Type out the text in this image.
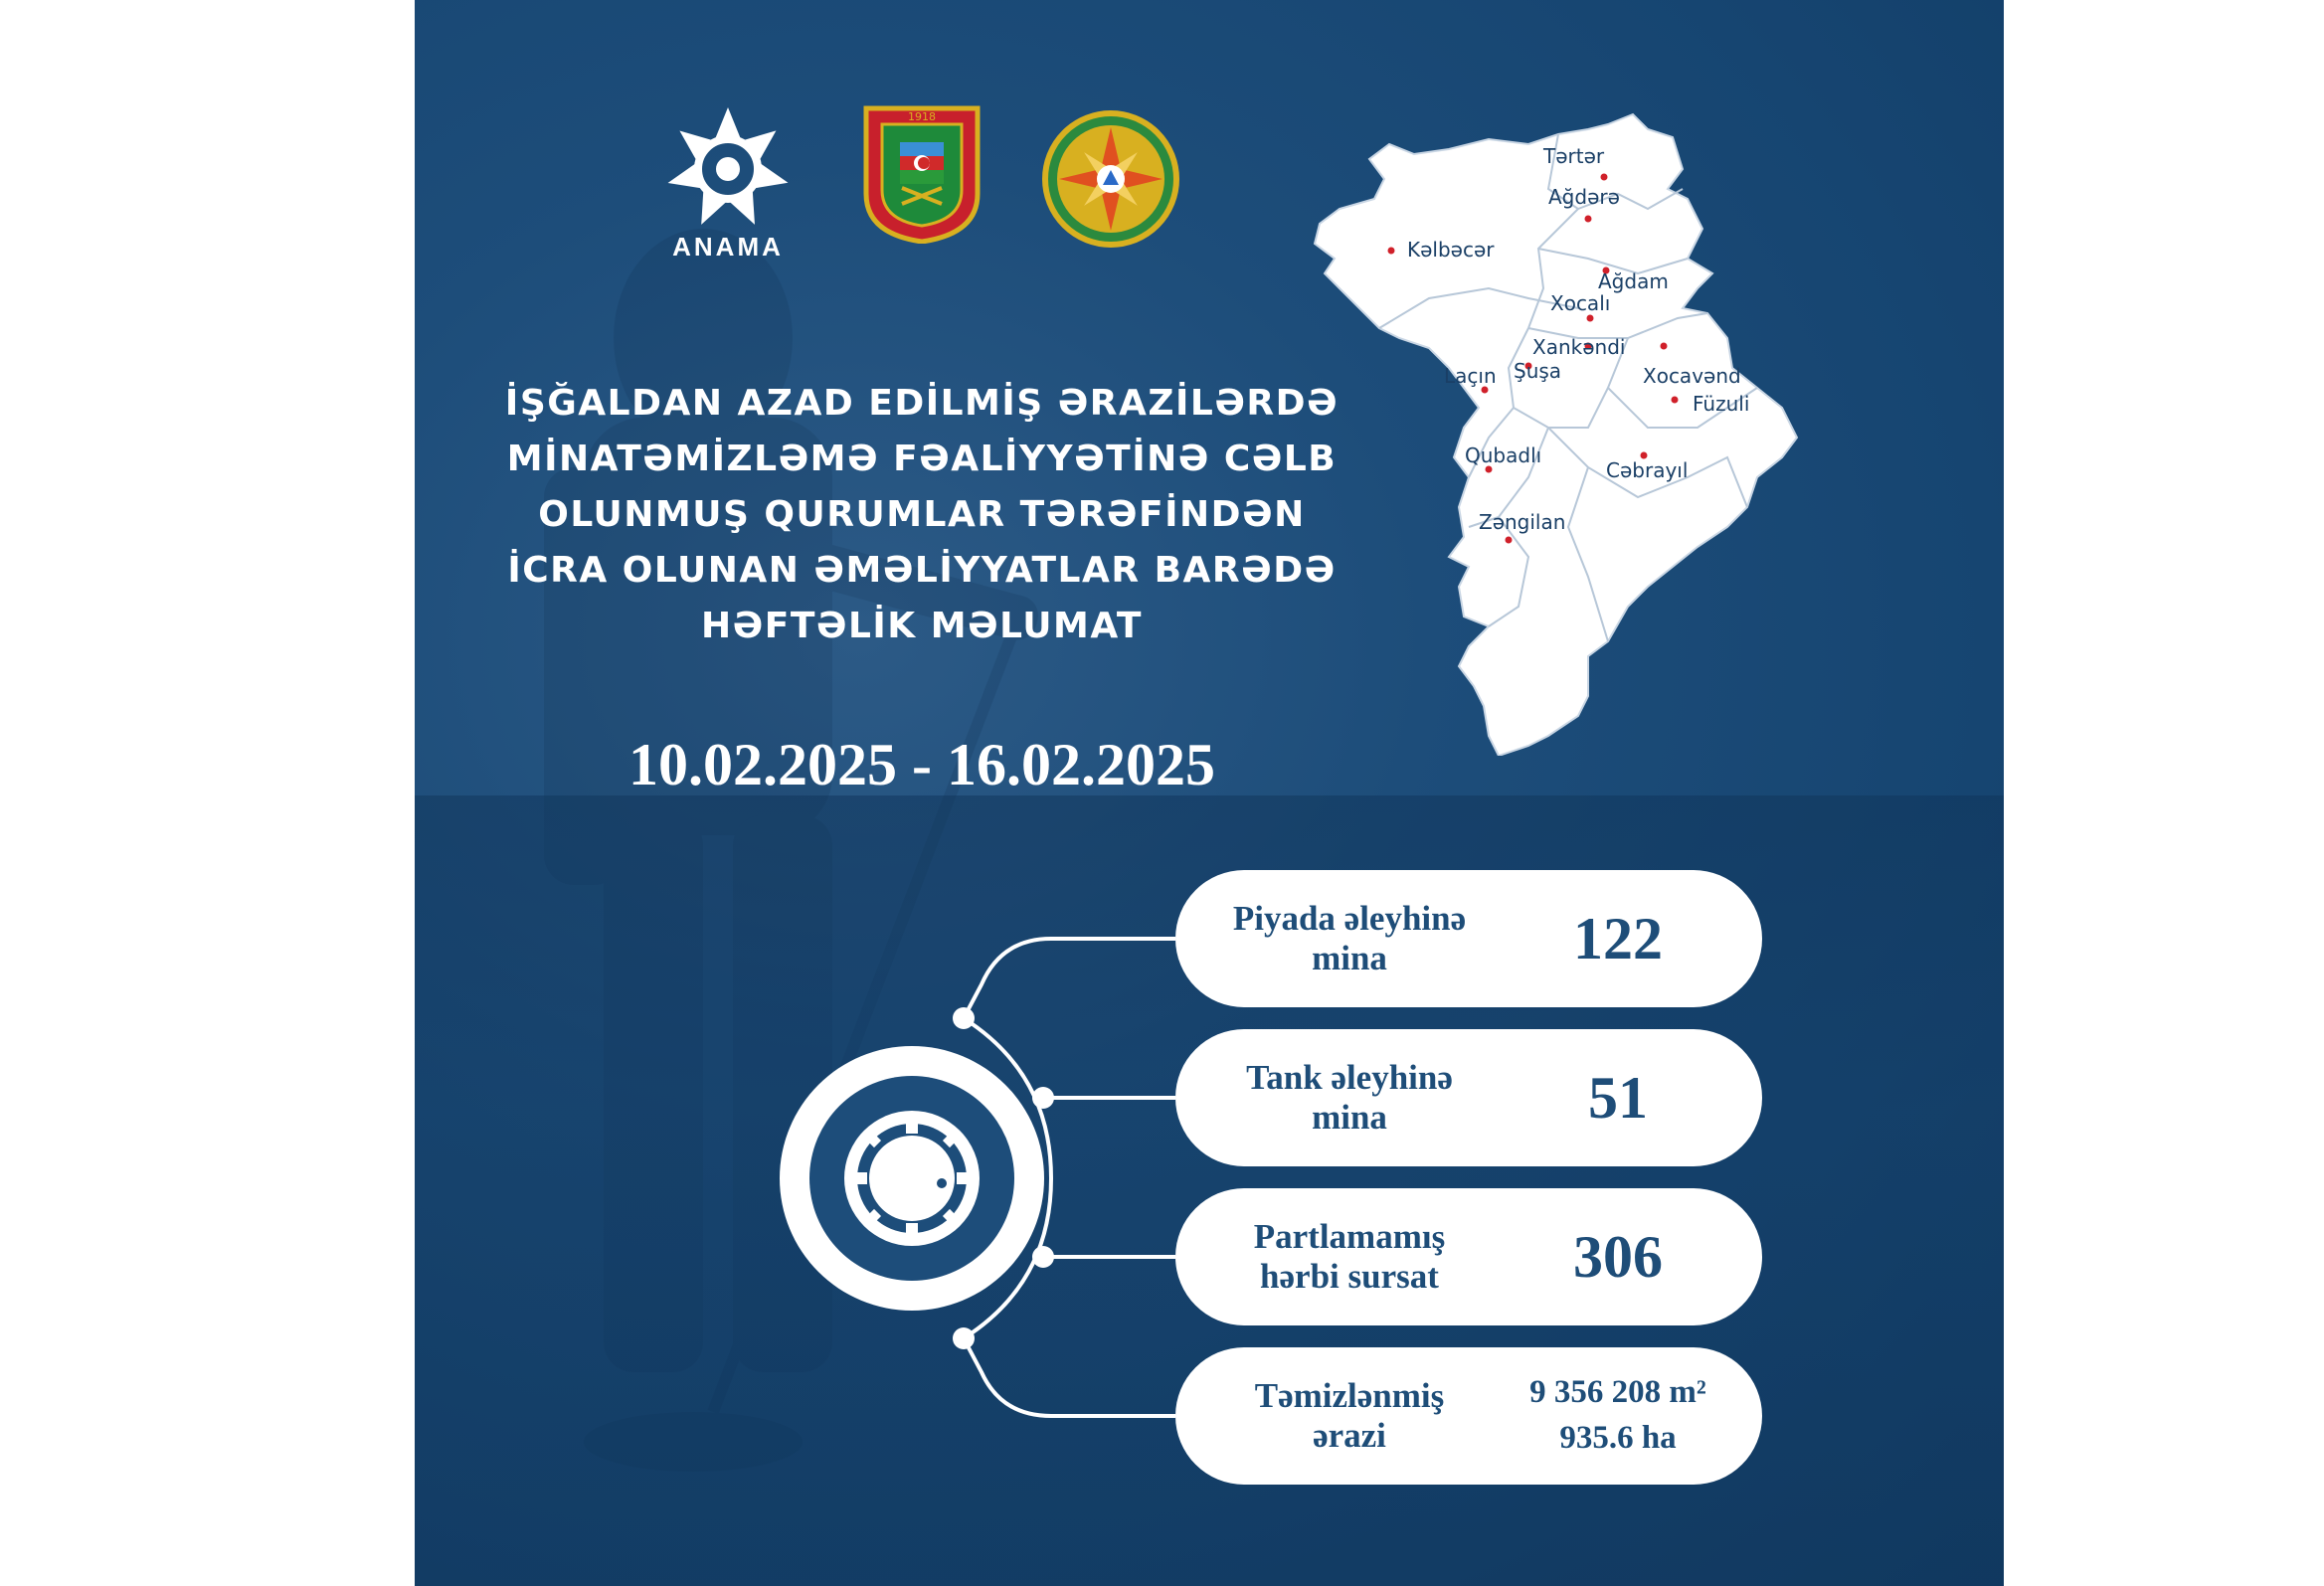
ANAMA
1918
İŞĞALDAN AZAD EDİLMİŞ ƏRAZİLƏRDƏ
MİNATƏMİZLƏMƏ FƏALİYYƏTİNƏ CƏLB
OLUNMUŞ QURUMLAR TƏRƏFİNDƏN
İCRA OLUNAN ƏMƏLİYYATLAR BARƏDƏ
HƏFTƏLİK MƏLUMAT
10.02.2025 - 16.02.2025
Tərtər
Ağdərə
Kəlbəcər
Ağdam
Xocalı
Xankəndi
Xocavənd
Laçın Şuşa
Füzuli
Qubadlı
Cəbrayıl
Zəngilan
Piyada əleyhinə
mina	122
Tank əleyhinə
mina	51
Partlamamış
hərbi sursat	306
Təmizlənmiş
ərazi
9 356 208 m²
935.6 ha
